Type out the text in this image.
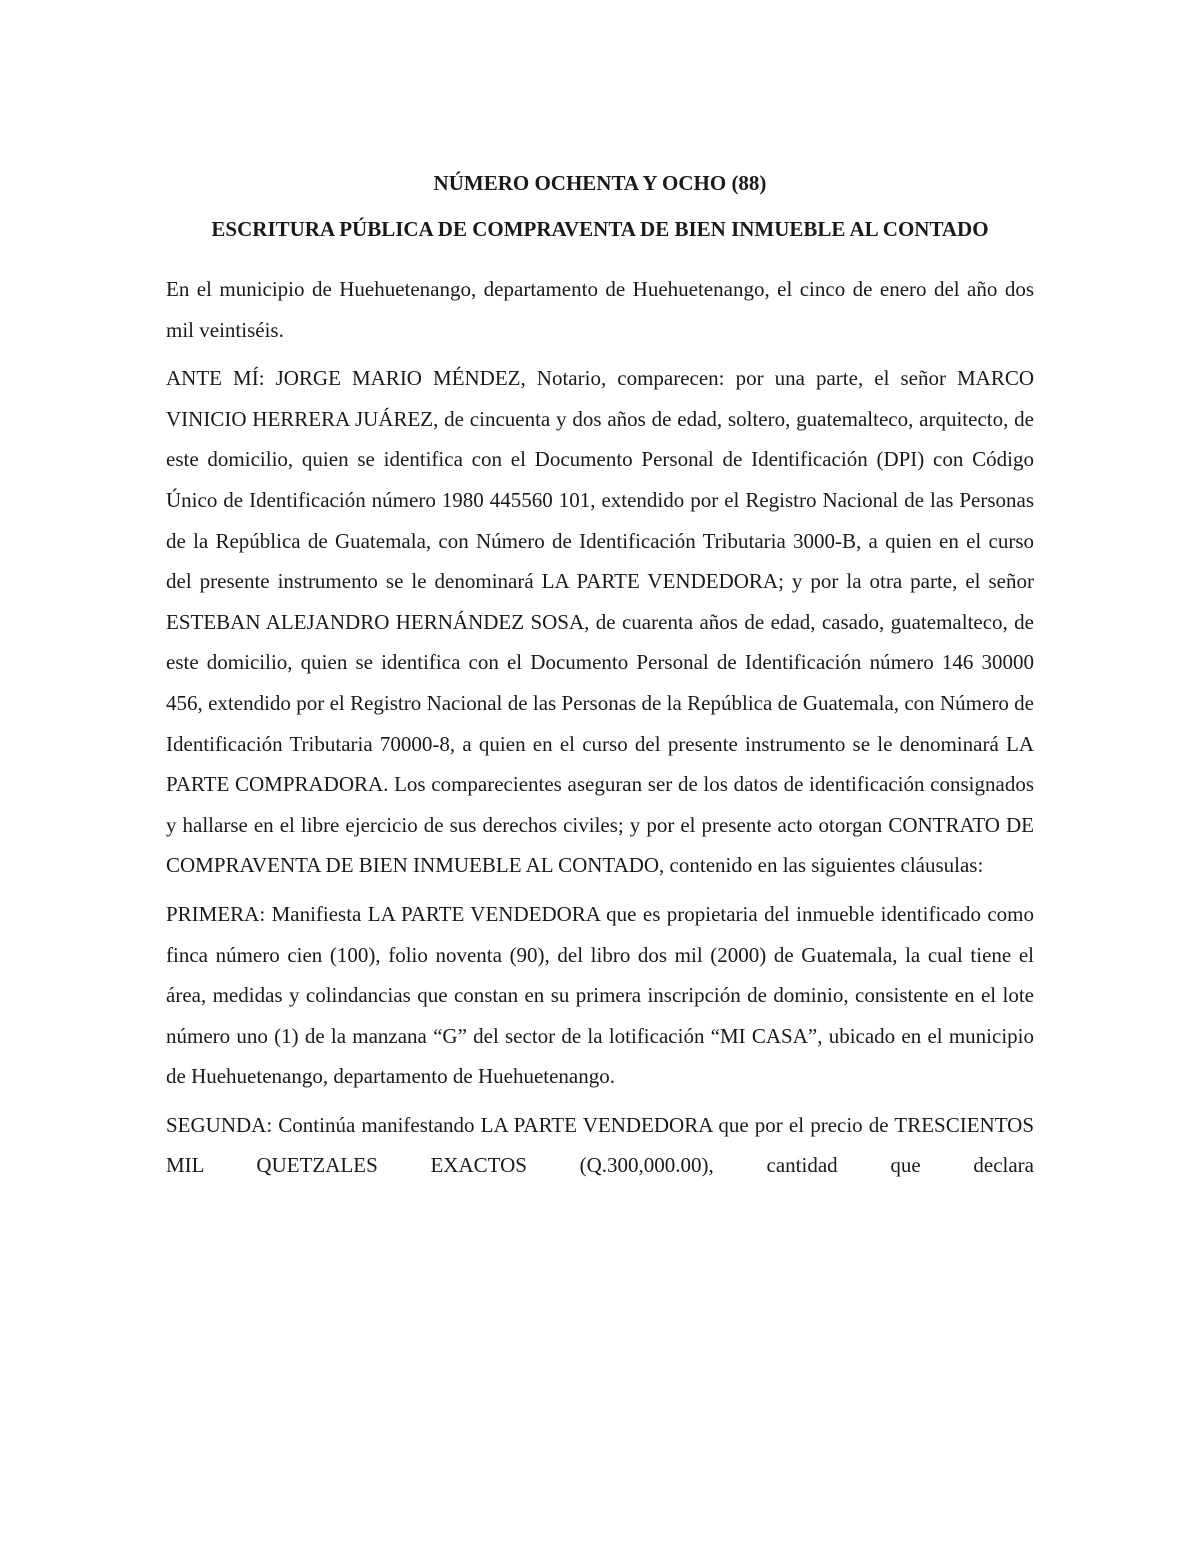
NÚMERO OCHENTA Y OCHO (88)

ESCRITURA PÚBLICA DE COMPRAVENTA DE BIEN INMUEBLE AL CONTADO

En el municipio de Huehuetenango, departamento de Huehuetenango, el cinco de enero del año dos mil veintiséis.

ANTE MÍ: JORGE MARIO MÉNDEZ, Notario, comparecen: por una parte, el señor MARCO VINICIO HERRERA JUÁREZ, de cincuenta y dos años de edad, soltero, guatemalteco, arquitecto, de este domicilio, quien se identifica con el Documento Personal de Identificación (DPI) con Código Único de Identificación número 1980 445560 101, extendido por el Registro Nacional de las Personas de la República de Guatemala, con Número de Identificación Tributaria 3000-B, a quien en el curso del presente instrumento se le denominará LA PARTE VENDEDORA; y por la otra parte, el señor ESTEBAN ALEJANDRO HERNÁNDEZ SOSA, de cuarenta años de edad, casado, guatemalteco, de este domicilio, quien se identifica con el Documento Personal de Identificación número 146 30000 456, extendido por el Registro Nacional de las Personas de la República de Guatemala, con Número de Identificación Tributaria 70000-8, a quien en el curso del presente instrumento se le denominará LA PARTE COMPRADORA. Los comparecientes aseguran ser de los datos de identificación consignados y hallarse en el libre ejercicio de sus derechos civiles; y por el presente acto otorgan CONTRATO DE COMPRAVENTA DE BIEN INMUEBLE AL CONTADO, contenido en las siguientes cláusulas:

PRIMERA: Manifiesta LA PARTE VENDEDORA que es propietaria del inmueble identificado como finca número cien (100), folio noventa (90), del libro dos mil (2000) de Guatemala, la cual tiene el área, medidas y colindancias que constan en su primera inscripción de dominio, consistente en el lote número uno (1) de la manzana “G” del sector de la lotificación “MI CASA”, ubicado en el municipio de Huehuetenango, departamento de Huehuetenango.

SEGUNDA: Continúa manifestando LA PARTE VENDEDORA que por el precio de TRESCIENTOS MIL QUETZALES EXACTOS (Q.300,000.00), cantidad que declara
